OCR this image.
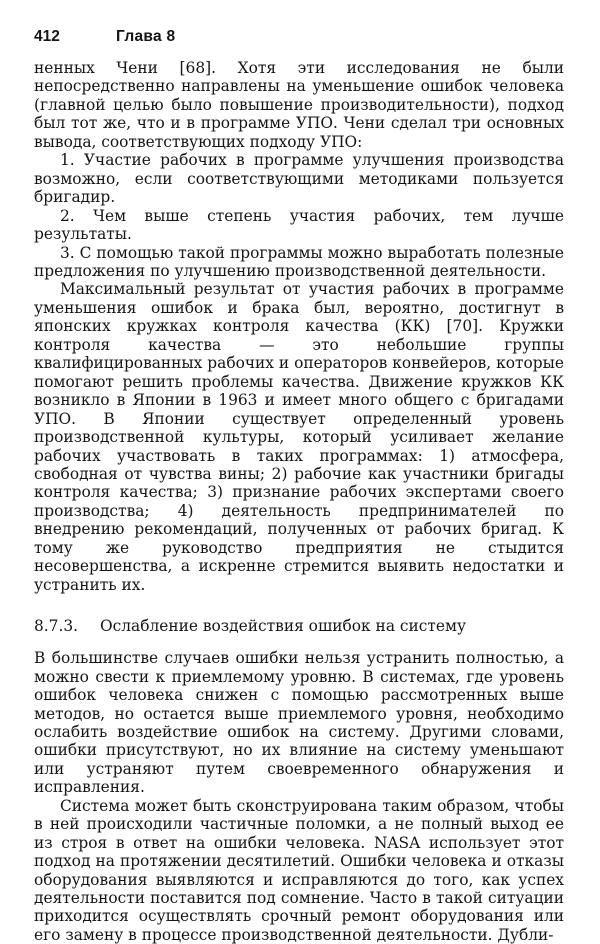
412	Глава 8

ненных Чени [68]. Хотя эти исследования не были непосредственно направлены на уменьшение ошибок человека (главной целью было повышение производительности), подход был тот же, что и в программе УПО. Чени сделал три основных вывода, соответствующих подходу УПО:

1. Участие рабочих в программе улучшения производства возможно, если соответствующими методиками пользуется бригадир.

2. Чем выше степень участия рабочих, тем лучше результаты.

3. С помощью такой программы можно выработать полезные предложения по улучшению производственной деятельности.

Максимальный результат от участия рабочих в программе уменьшения ошибок и брака был, вероятно, достигнут в японских кружках контроля качества (КК) [70]. Кружки контроля качества — это небольшие группы квалифицированных рабочих и операторов конвейеров, которые помогают решить проблемы качества. Движение кружков КК возникло в Японии в 1963 и имеет много общего с бригадами УПО. В Японии существует определенный уровень производственной культуры, который усиливает желание рабочих участвовать в таких программах: 1) атмосфера, свободная от чувства вины; 2) рабочие как участники бригады контроля качества; 3) признание рабочих экспертами своего производства; 4) деятельность предпринимателей по внедрению рекомендаций, полученных от рабочих бригад. К тому же руководство предприятия не стыдится несовершенства, а искренне стремится выявить недостатки и устранить их.

8.7.3.	Ослабление воздействия ошибок на систему

В большинстве случаев ошибки нельзя устранить полностью, а можно свести к приемлемому уровню. В системах, где уровень ошибок человека снижен с помощью рассмотренных выше методов, но остается выше приемлемого уровня, необходимо ослабить воздействие ошибок на систему. Другими словами, ошибки присутствуют, но их влияние на систему уменьшают или устраняют путем своевременного обнаружения и исправления.

Система может быть сконструирована таким образом, чтобы в ней происходили частичные поломки, а не полный выход ее из строя в ответ на ошибки человека. NASA использует этот подход на протяжении десятилетий. Ошибки человека и отказы оборудования выявляются и исправляются до того, как успех деятельности поставится под сомнение. Часто в такой ситуации приходится осуществлять срочный ремонт оборудования или его замену в процессе производственной деятельности. Дубли-
